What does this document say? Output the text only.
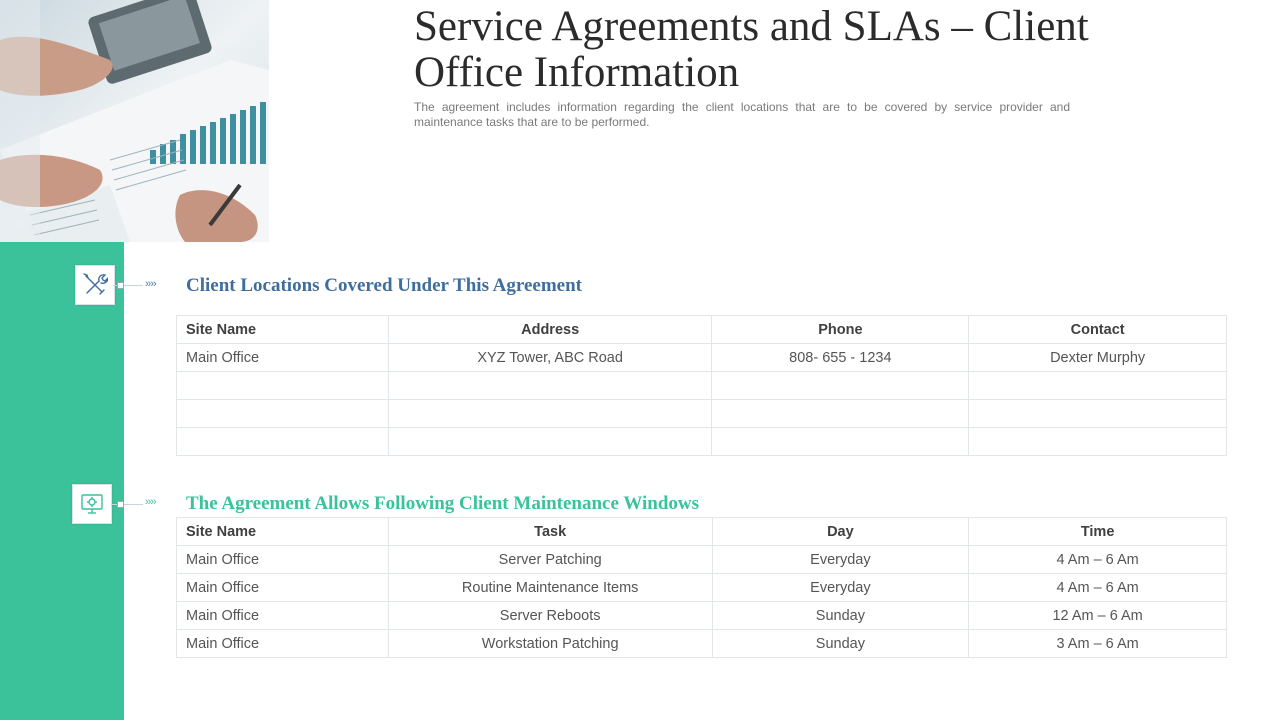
Service Agreements and SLAs – Client Office Information

The agreement includes information regarding the client locations that are to be covered by service provider and maintenance tasks that are to be performed.

›››› Client Locations Covered Under This Agreement
Site Name	Address	Phone	Contact
Main Office	XYZ Tower, ABC Road	808- 655 - 1234	Dexter Murphy

›››› The Agreement Allows Following Client Maintenance Windows
Site Name	Task	Day	Time
Main Office	Server Patching	Everyday	4 Am – 6 Am
Main Office	Routine Maintenance Items	Everyday	4 Am – 6 Am
Main Office	Server Reboots	Sunday	12 Am – 6 Am
Main Office	Workstation Patching	Sunday	3 Am – 6 Am
